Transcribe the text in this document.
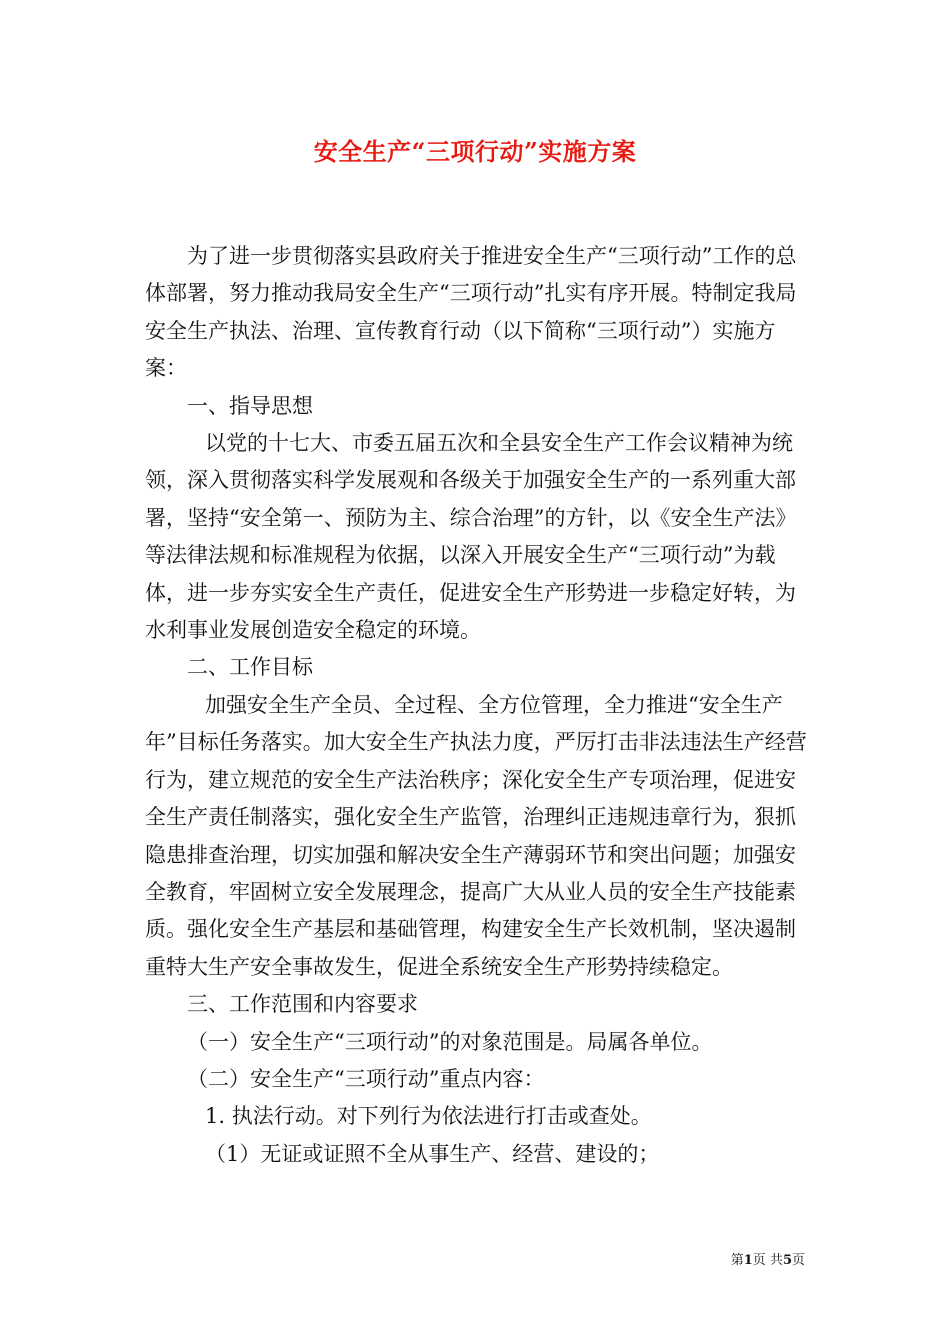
安全生产“三项行动”实施方案

为了进一步贯彻落实县政府关于推进安全生产“三项行动”工作的总体部署，努力推动我局安全生产“三项行动”扎实有序开展。特制定我局安全生产执法、治理、宣传教育行动（以下简称“三项行动”）实施方案：

一、指导思想

以党的十七大、市委五届五次和全县安全生产工作会议精神为统领，深入贯彻落实科学发展观和各级关于加强安全生产的一系列重大部署，坚持“安全第一、预防为主、综合治理”的方针，以《安全生产法》等法律法规和标准规程为依据，以深入开展安全生产“三项行动”为载体，进一步夯实安全生产责任，促进安全生产形势进一步稳定好转，为水利事业发展创造安全稳定的环境。

二、工作目标

加强安全生产全员、全过程、全方位管理，全力推进“安全生产年”目标任务落实。加大安全生产执法力度，严厉打击非法违法生产经营行为，建立规范的安全生产法治秩序；深化安全生产专项治理，促进安全生产责任制落实，强化安全生产监管，治理纠正违规违章行为，狠抓隐患排查治理，切实加强和解决安全生产薄弱环节和突出问题；加强安全教育，牢固树立安全发展理念，提高广大从业人员的安全生产技能素质。强化安全生产基层和基础管理，构建安全生产长效机制，坚决遏制重特大生产安全事故发生，促进全系统安全生产形势持续稳定。

三、工作范围和内容要求

（一）安全生产“三项行动”的对象范围是。局属各单位。

（二）安全生产“三项行动”重点内容：

1. 执法行动。对下列行为依法进行打击或查处。

（1）无证或证照不全从事生产、经营、建设的；

第1页 共5页
